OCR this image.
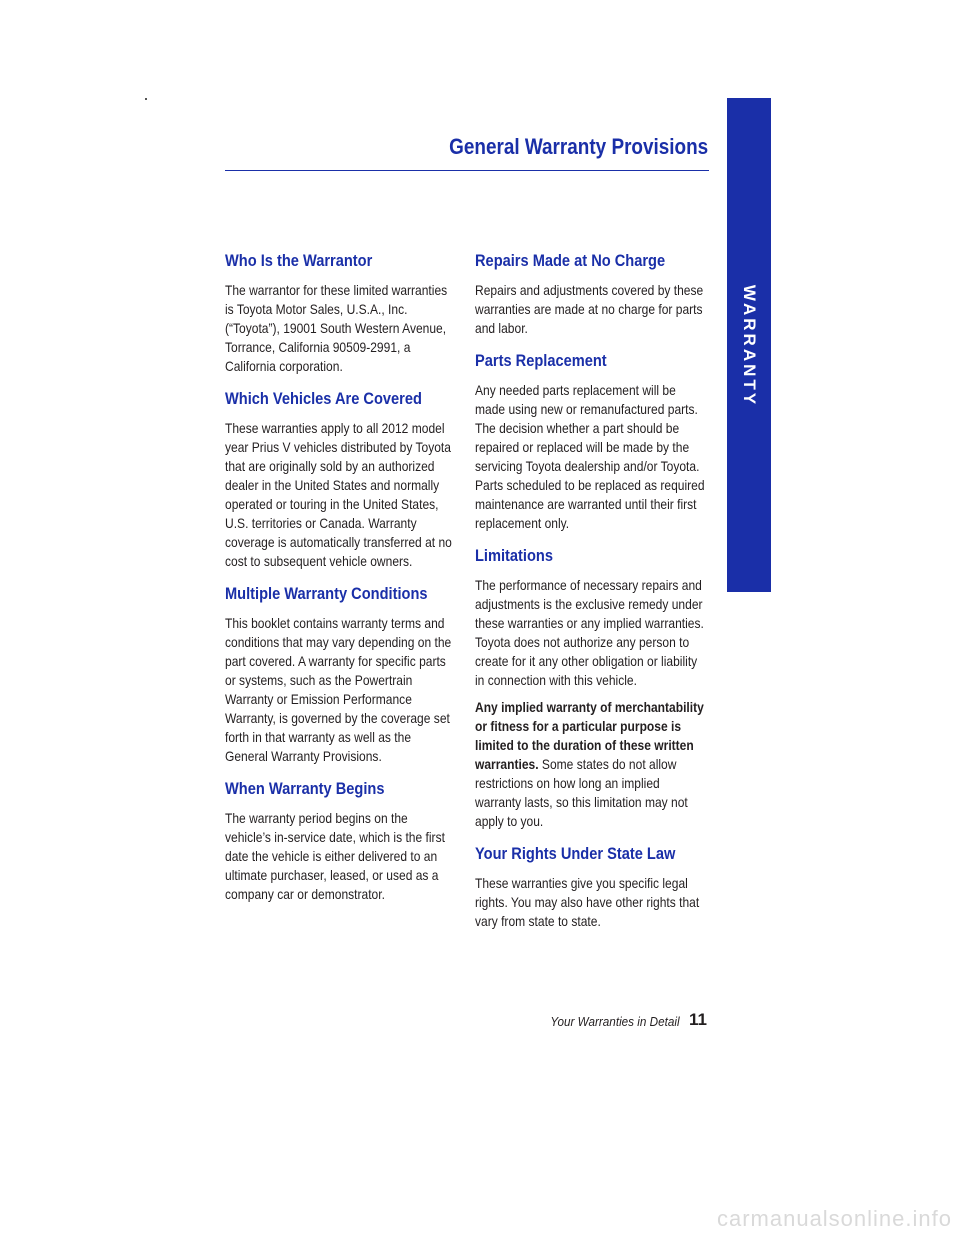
WARRANTY
General Warranty Provisions
Who Is the Warrantor

The warrantor for these limited warranties is Toyota Motor Sales, U.S.A., Inc. (“Toyota”), 19001 South Western Avenue, Torrance, California 90509-2991, a California corporation.

Which Vehicles Are Covered

These warranties apply to all 2012 model year Prius V vehicles distributed by Toyota that are originally sold by an authorized dealer in the United States and normally operated or touring in the United States, U.S. territories or Canada. Warranty coverage is automatically transferred at no cost to subsequent vehicle owners.

Multiple Warranty Conditions

This booklet contains warranty terms and conditions that may vary depending on the part covered. A warranty for specific parts or systems, such as the Powertrain Warranty or Emission Performance Warranty, is governed by the coverage set forth in that warranty as well as the General Warranty Provisions.

When Warranty Begins

The warranty period begins on the vehicle’s in-service date, which is the first date the vehicle is either delivered to an ultimate purchaser, leased, or used as a company car or demonstrator.

Repairs Made at No Charge

Repairs and adjustments covered by these warranties are made at no charge for parts and labor.

Parts Replacement

Any needed parts replacement will be made using new or remanufactured parts. The decision whether a part should be repaired or replaced will be made by the servicing Toyota dealership and/or Toyota. Parts scheduled to be replaced as required maintenance are warranted until their first replacement only.

Limitations

The performance of necessary repairs and adjustments is the exclusive remedy under these warranties or any implied warranties. Toyota does not authorize any person to create for it any other obligation or liability in connection with this vehicle.

Any implied warranty of merchantability or fitness for a particular purpose is limited to the duration of these written warranties. Some states do not allow restrictions on how long an implied warranty lasts, so this limitation may not apply to you.

Your Rights Under State Law

These warranties give you specific legal rights. You may also have other rights that vary from state to state.

Your Warranties in Detail 11
carmanualsonline.info
